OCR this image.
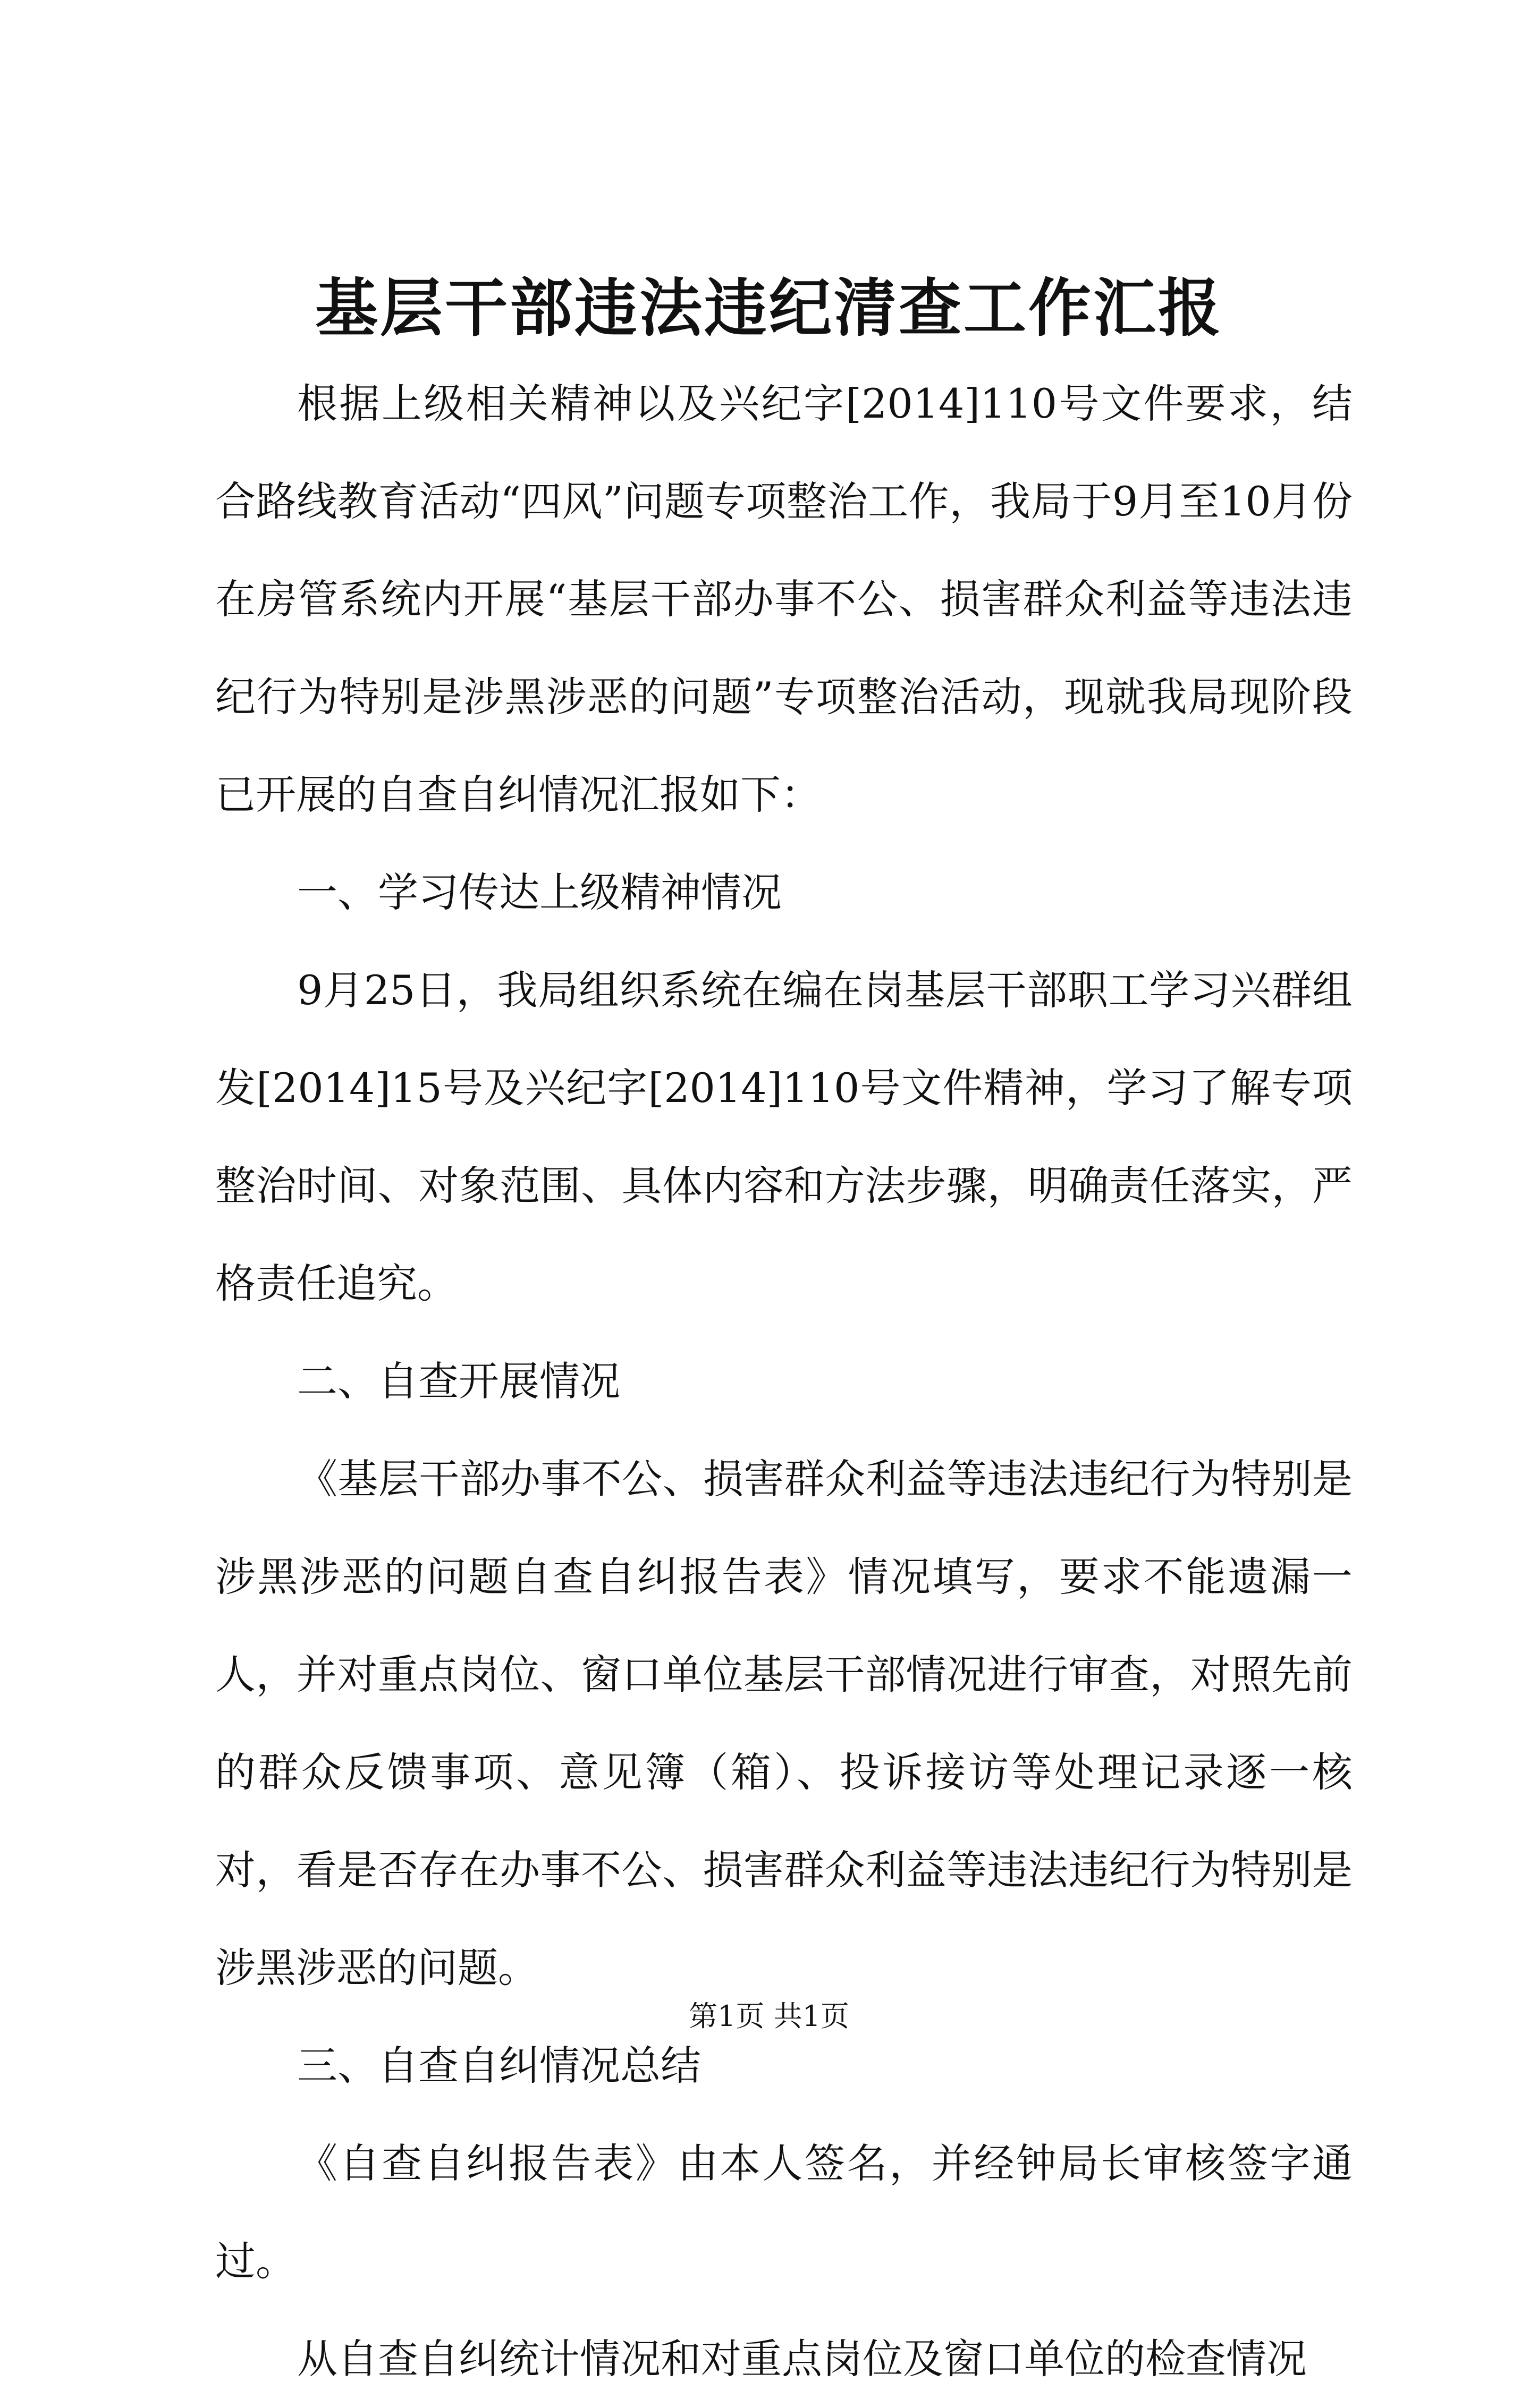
基层干部违法违纪清查工作汇报

根据上级相关精神以及兴纪字[2014]110号文件要求，结合路线教育活动“四风”问题专项整治工作，我局于9月至10月份在房管系统内开展“基层干部办事不公、损害群众利益等违法违纪行为特别是涉黑涉恶的问题”专项整治活动，现就我局现阶段已开展的自查自纠情况汇报如下：

一、学习传达上级精神情况

9月25日，我局组织系统在编在岗基层干部职工学习兴群组发[2014]15号及兴纪字[2014]110号文件精神，学习了解专项整治时间、对象范围、具体内容和方法步骤，明确责任落实，严格责任追究。

二、自查开展情况

《基层干部办事不公、损害群众利益等违法违纪行为特别是涉黑涉恶的问题自查自纠报告表》情况填写，要求不能遗漏一人，并对重点岗位、窗口单位基层干部情况进行审查，对照先前的群众反馈事项、意见簿（箱）、投诉接访等处理记录逐一核对，看是否存在办事不公、损害群众利益等违法违纪行为特别是涉黑涉恶的问题。

三、自查自纠情况总结

《自查自纠报告表》由本人签名，并经钟局长审核签字通过。

从自查自纠统计情况和对重点岗位及窗口单位的检查情况

第1页 共1页
